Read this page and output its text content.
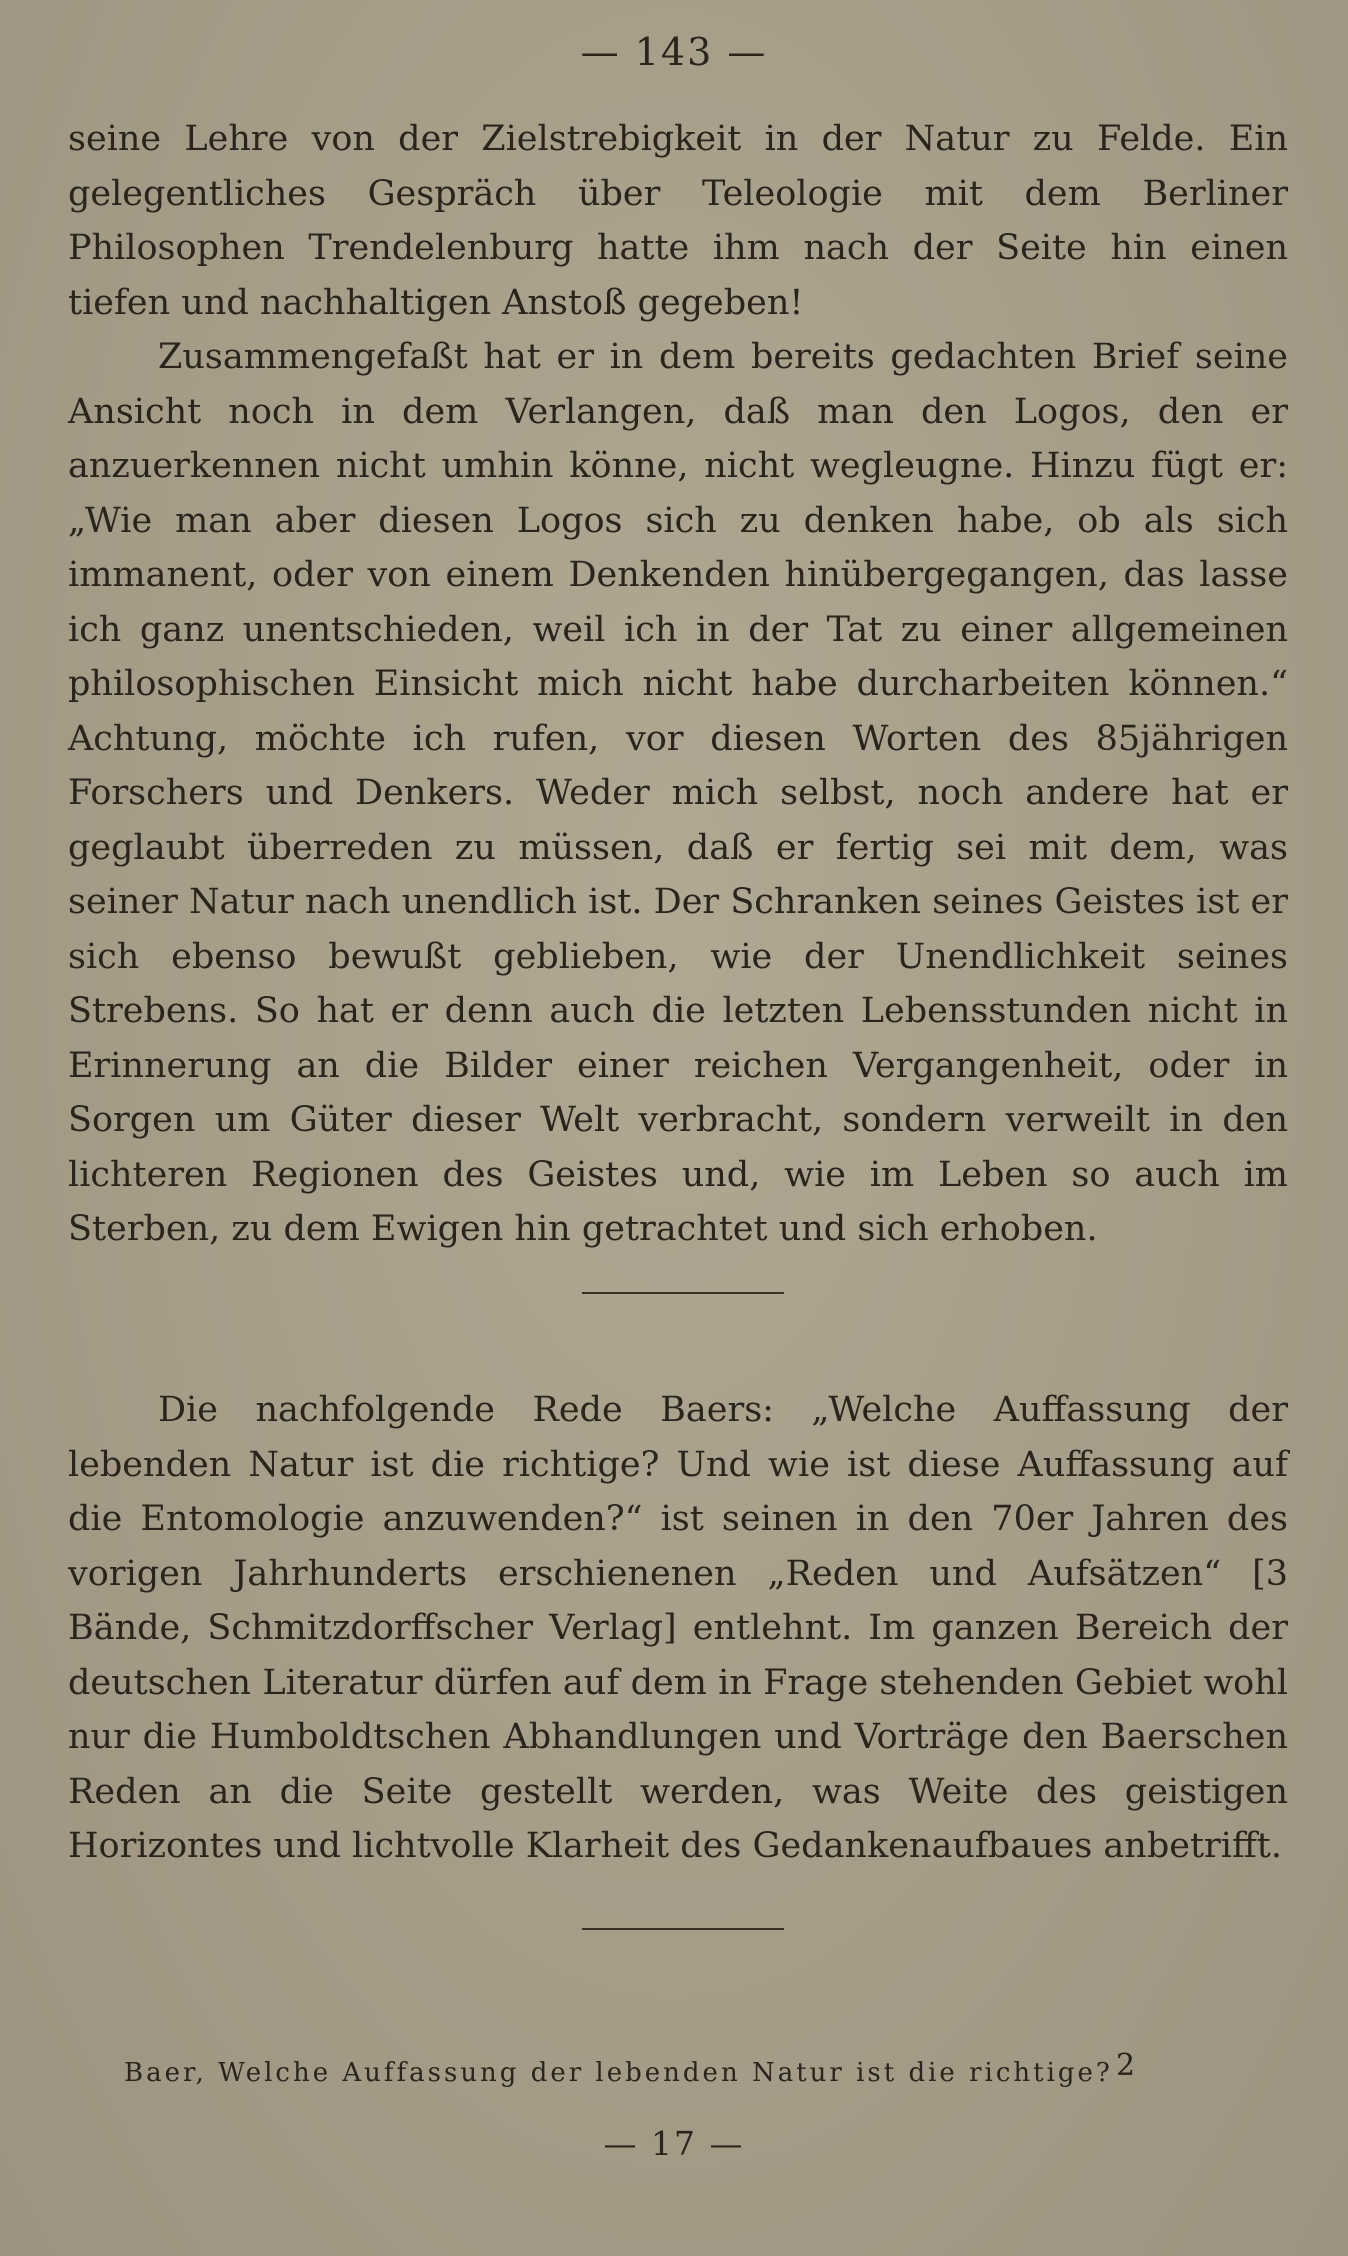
— 143 —

seine Lehre von der Zielstrebigkeit in der Natur zu Felde. Ein gelegentliches Gespräch über Teleologie mit dem Berliner Philosophen Trendelenburg hatte ihm nach der Seite hin einen tiefen und nachhaltigen Anstoß gegeben!

Zusammengefaßt hat er in dem bereits gedachten Brief seine Ansicht noch in dem Verlangen, daß man den Logos, den er anzuerkennen nicht umhin könne, nicht wegleugne. Hinzu fügt er: „Wie man aber diesen Logos sich zu denken habe, ob als sich immanent, oder von einem Denkenden hinübergegangen, das lasse ich ganz unentschieden, weil ich in der Tat zu einer allgemeinen philosophischen Einsicht mich nicht habe durcharbeiten können.“ Achtung, möchte ich rufen, vor diesen Worten des 85jährigen Forschers und Denkers. Weder mich selbst, noch andere hat er geglaubt überreden zu müssen, daß er fertig sei mit dem, was seiner Natur nach unendlich ist. Der Schranken seines Geistes ist er sich ebenso bewußt geblieben, wie der Unendlichkeit seines Strebens. So hat er denn auch die letzten Lebensstunden nicht in Erinnerung an die Bilder einer reichen Vergangenheit, oder in Sorgen um Güter dieser Welt verbracht, sondern verweilt in den lichteren Regionen des Geistes und, wie im Leben so auch im Sterben, zu dem Ewigen hin getrachtet und sich erhoben.

Die nachfolgende Rede Baers: „Welche Auffassung der lebenden Natur ist die richtige? Und wie ist diese Auffassung auf die Entomologie anzuwenden?“ ist seinen in den 70er Jahren des vorigen Jahrhunderts erschienenen „Reden und Aufsätzen“ [3 Bände, Schmitzdorffscher Verlag] entlehnt. Im ganzen Bereich der deutschen Literatur dürfen auf dem in Frage stehenden Gebiet wohl nur die Humboldtschen Abhandlungen und Vorträge den Baerschen Reden an die Seite gestellt werden, was Weite des geistigen Horizontes und lichtvolle Klarheit des Gedankenaufbaues anbetrifft.

Baer, Welche Auffassung der lebenden Natur ist die richtige? 2
— 17 —
